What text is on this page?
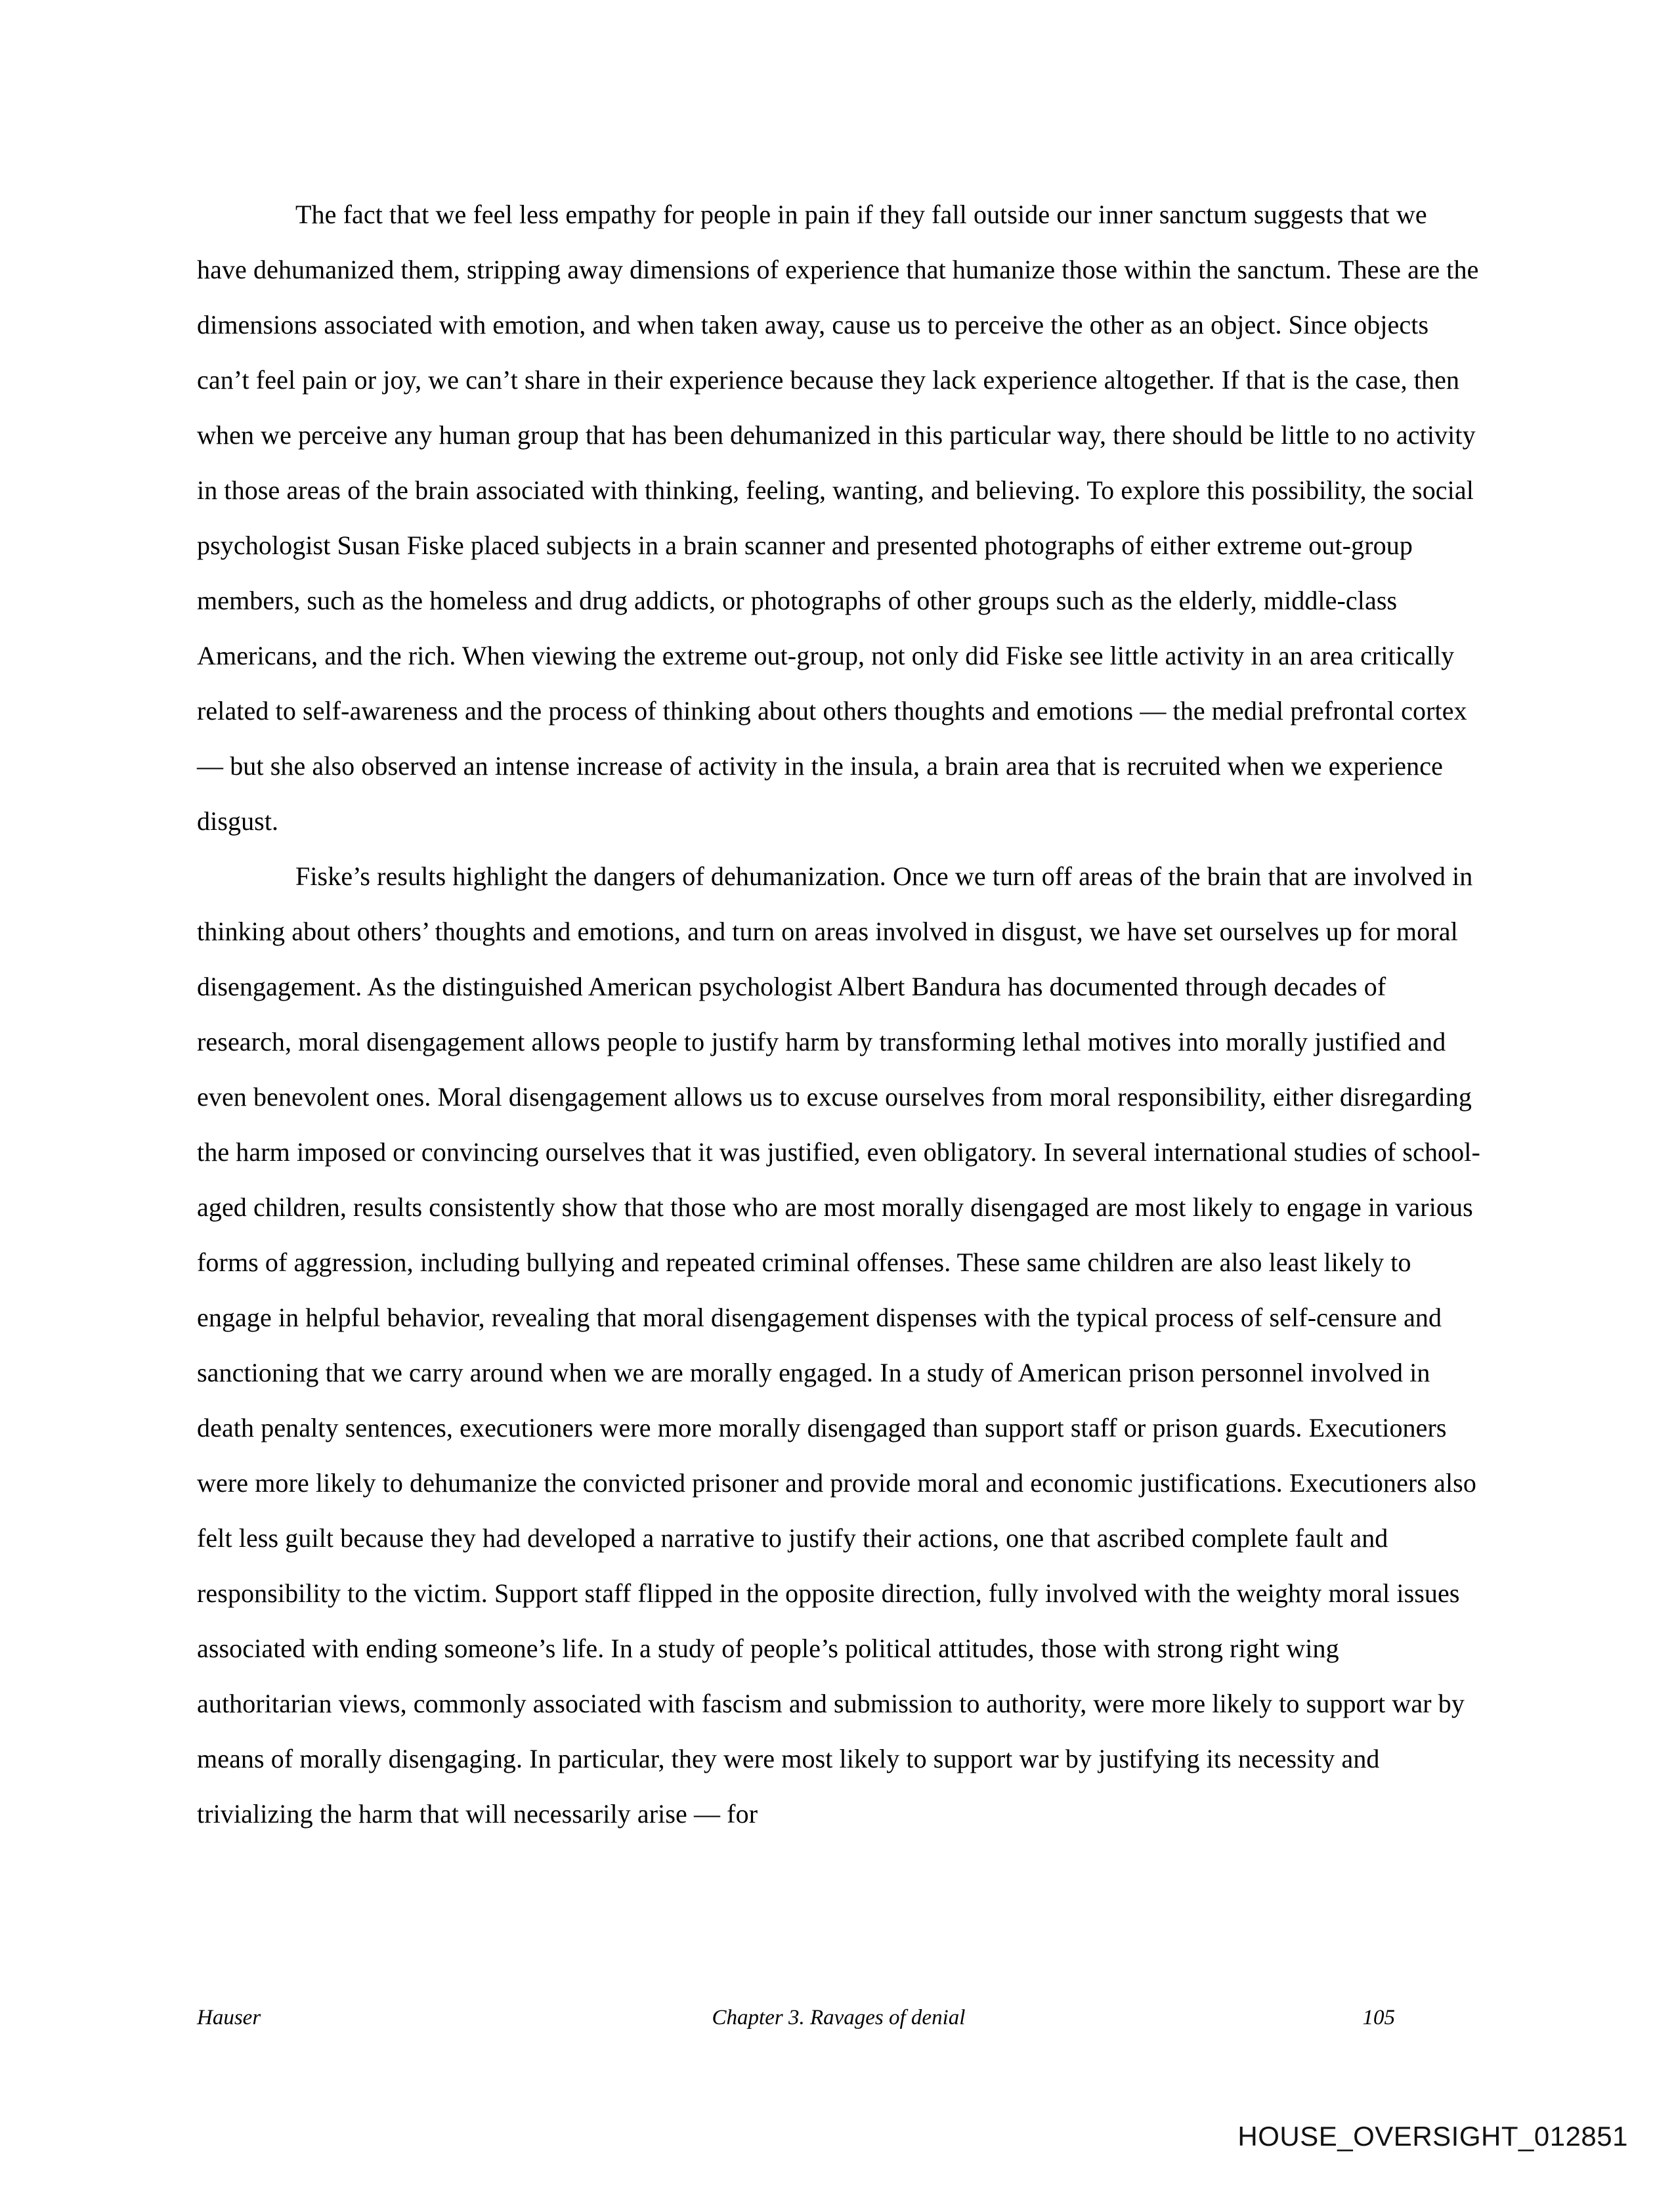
The fact that we feel less empathy for people in pain if they fall outside our inner sanctum suggests that we have dehumanized them, stripping away dimensions of experience that humanize those within the sanctum. These are the dimensions associated with emotion, and when taken away, cause us to perceive the other as an object. Since objects can’t feel pain or joy, we can’t share in their experience because they lack experience altogether. If that is the case, then when we perceive any human group that has been dehumanized in this particular way, there should be little to no activity in those areas of the brain associated with thinking, feeling, wanting, and believing. To explore this possibility, the social psychologist Susan Fiske placed subjects in a brain scanner and presented photographs of either extreme out-group members, such as the homeless and drug addicts, or photographs of other groups such as the elderly, middle-class Americans, and the rich. When viewing the extreme out-group, not only did Fiske see little activity in an area critically related to self-awareness and the process of thinking about others thoughts and emotions — the medial prefrontal cortex — but she also observed an intense increase of activity in the insula, a brain area that is recruited when we experience disgust.

Fiske’s results highlight the dangers of dehumanization. Once we turn off areas of the brain that are involved in thinking about others’ thoughts and emotions, and turn on areas involved in disgust, we have set ourselves up for moral disengagement. As the distinguished American psychologist Albert Bandura has documented through decades of research, moral disengagement allows people to justify harm by transforming lethal motives into morally justified and even benevolent ones. Moral disengagement allows us to excuse ourselves from moral responsibility, either disregarding the harm imposed or convincing ourselves that it was justified, even obligatory. In several international studies of school-aged children, results consistently show that those who are most morally disengaged are most likely to engage in various forms of aggression, including bullying and repeated criminal offenses. These same children are also least likely to engage in helpful behavior, revealing that moral disengagement dispenses with the typical process of self-censure and sanctioning that we carry around when we are morally engaged. In a study of American prison personnel involved in death penalty sentences, executioners were more morally disengaged than support staff or prison guards. Executioners were more likely to dehumanize the convicted prisoner and provide moral and economic justifications. Executioners also felt less guilt because they had developed a narrative to justify their actions, one that ascribed complete fault and responsibility to the victim. Support staff flipped in the opposite direction, fully involved with the weighty moral issues associated with ending someone’s life. In a study of people’s political attitudes, those with strong right wing authoritarian views, commonly associated with fascism and submission to authority, were more likely to support war by means of morally disengaging. In particular, they were most likely to support war by justifying its necessity and trivializing the harm that will necessarily arise — for

Hauser	Chapter 3. Ravages of denial	105
HOUSE_OVERSIGHT_012851
